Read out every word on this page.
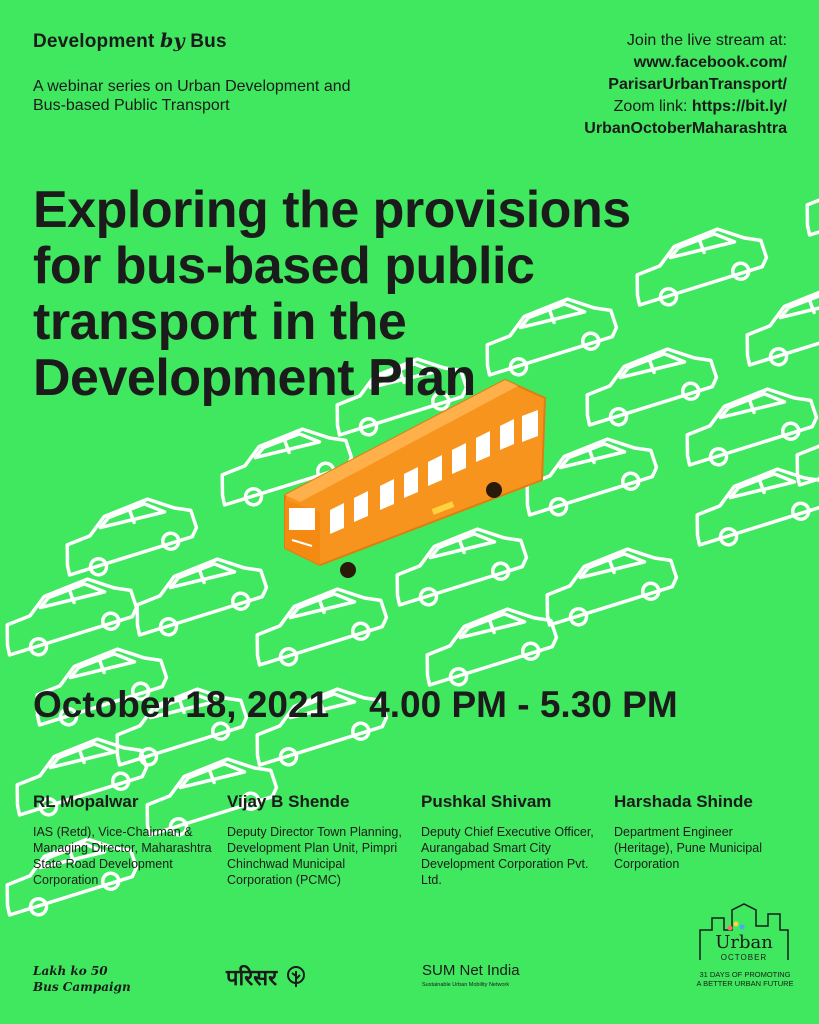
Development by Bus
A webinar series on Urban Development and Bus-based Public Transport
Join the live stream at:
www.facebook.com/
ParisarUrbanTransport/
Zoom link: https://bit.ly/
UrbanOctoberMaharashtra
Exploring the provisions
for bus-based public
transport in the
Development Plan
October 18, 2021 4.00 PM - 5.30 PM
RL Mopalwar
IAS (Retd), Vice-Chairman & Managing Director, Maharashtra State Road Development Corporation
Vijay B Shende
Deputy Director Town Planning, Development Plan Unit, Pimpri Chinchwad Municipal Corporation (PCMC)
Pushkal Shivam
Deputy Chief Executive Officer, Aurangabad Smart City Development Corporation Pvt. Ltd.
Harshada Shinde
Department Engineer (Heritage), Pune Municipal Corporation
Lakh ko 50
Bus Campaign	परिसर	SUM Net India
Sustainable Urban Mobility Network
Urban
OCTOBER
31 DAYS OF PROMOTING
A BETTER URBAN FUTURE
